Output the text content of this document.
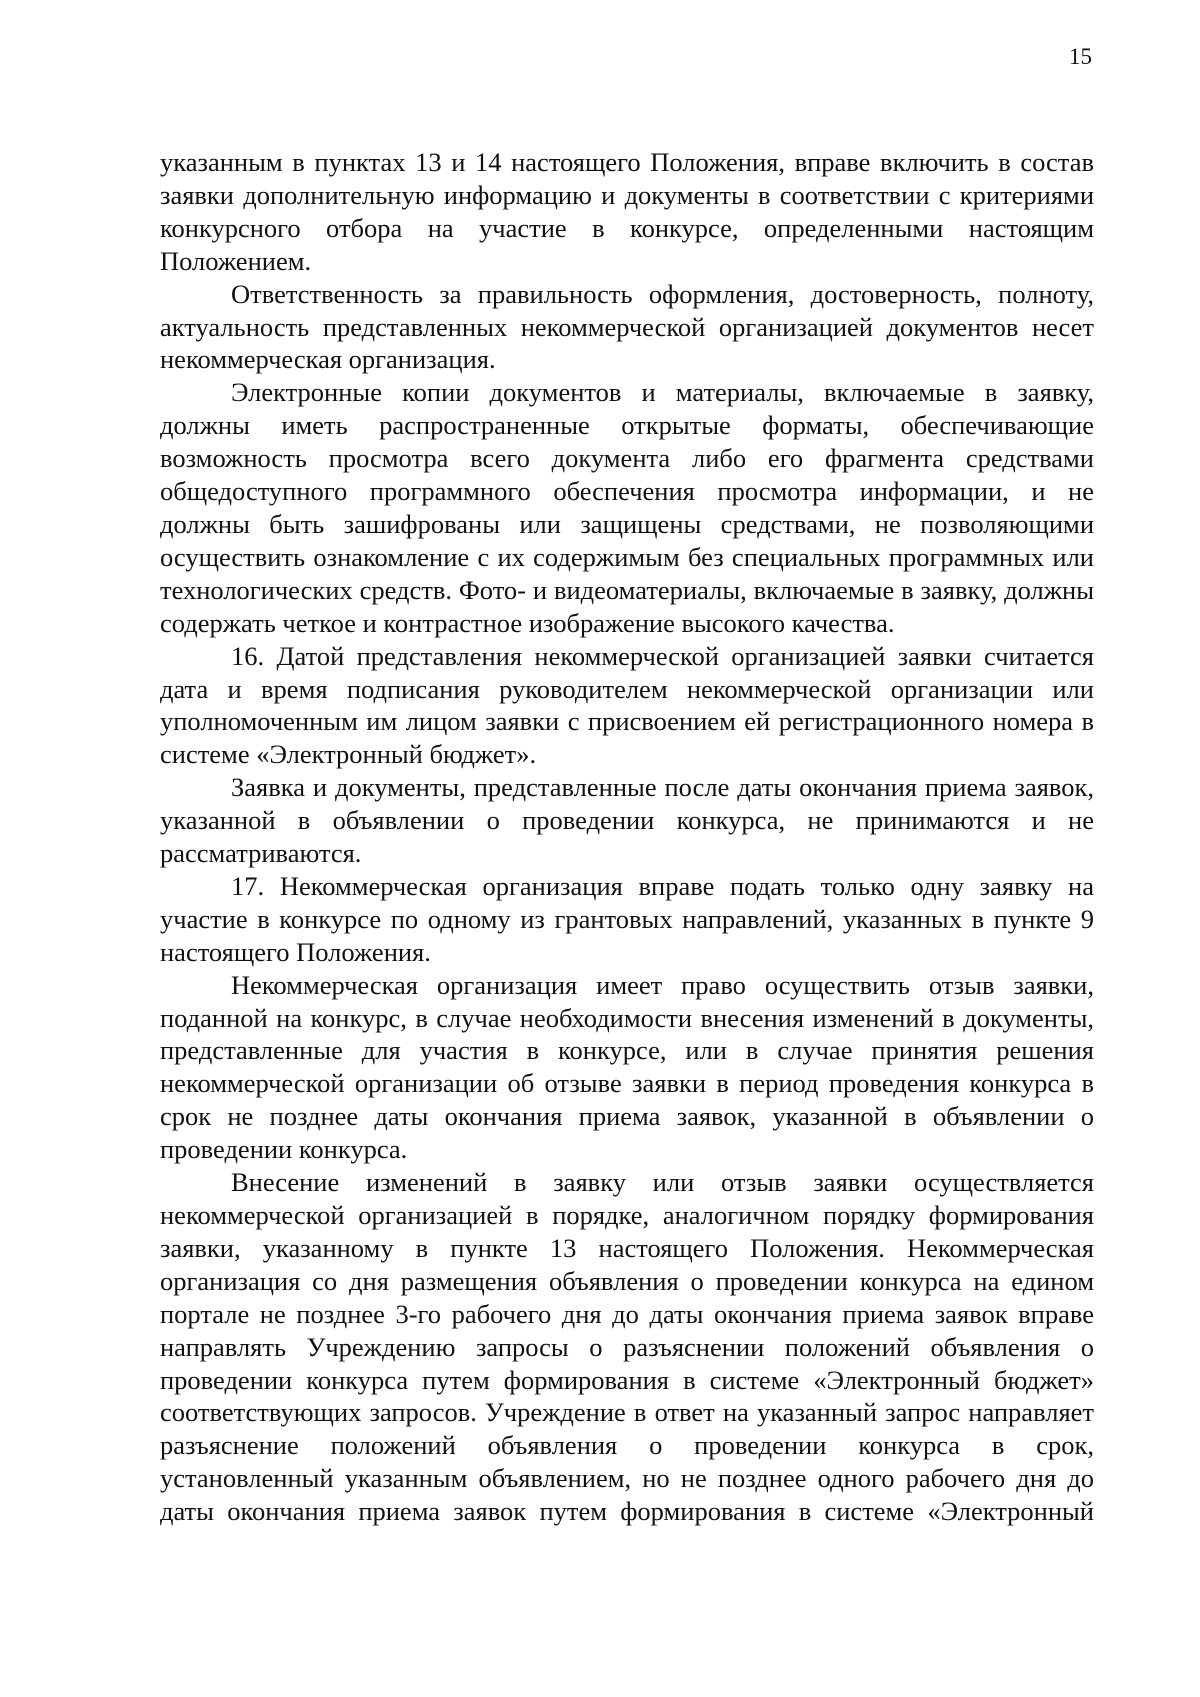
15

указанным в пунктах 13 и 14 настоящего Положения, вправе включить в состав заявки дополнительную информацию и документы в соответствии с критериями конкурсного отбора на участие в конкурсе, определенными настоящим Положением.

Ответственность за правильность оформления, достоверность, полноту, актуальность представленных некоммерческой организацией документов несет некоммерческая организация.

Электронные копии документов и материалы, включаемые в заявку, должны иметь распространенные открытые форматы, обеспечивающие возможность просмотра всего документа либо его фрагмента средствами общедоступного программного обеспечения просмотра информации, и не должны быть зашифрованы или защищены средствами, не позволяющими осуществить ознакомление с их содержимым без специальных программных или технологических средств. Фото- и видеоматериалы, включаемые в заявку, должны содержать четкое и контрастное изображение высокого качества.

16. Датой представления некоммерческой организацией заявки считается дата и время подписания руководителем некоммерческой организации или уполномоченным им лицом заявки с присвоением ей регистрационного номера в системе «Электронный бюджет».

Заявка и документы, представленные после даты окончания приема заявок, указанной в объявлении о проведении конкурса, не принимаются и не рассматриваются.

17. Некоммерческая организация вправе подать только одну заявку на участие в конкурсе по одному из грантовых направлений, указанных в пункте 9 настоящего Положения.

Некоммерческая организация имеет право осуществить отзыв заявки, поданной на конкурс, в случае необходимости внесения изменений в документы, представленные для участия в конкурсе, или в случае принятия решения некоммерческой организации об отзыве заявки в период проведения конкурса в срок не позднее даты окончания приема заявок, указанной в объявлении о проведении конкурса.

Внесение изменений в заявку или отзыв заявки осуществляется некоммерческой организацией в порядке, аналогичном порядку формирования заявки, указанному в пункте 13 настоящего Положения. Некоммерческая организация со дня размещения объявления о проведении конкурса на едином портале не позднее 3-го рабочего дня до даты окончания приема заявок вправе направлять Учреждению запросы о разъяснении положений объявления о проведении конкурса путем формирования в системе «Электронный бюджет» соответствующих запросов. Учреждение в ответ на указанный запрос направляет разъяснение положений объявления о проведении конкурса в срок, установленный указанным объявлением, но не позднее одного рабочего дня до даты окончания приема заявок путем формирования в системе «Электронный
